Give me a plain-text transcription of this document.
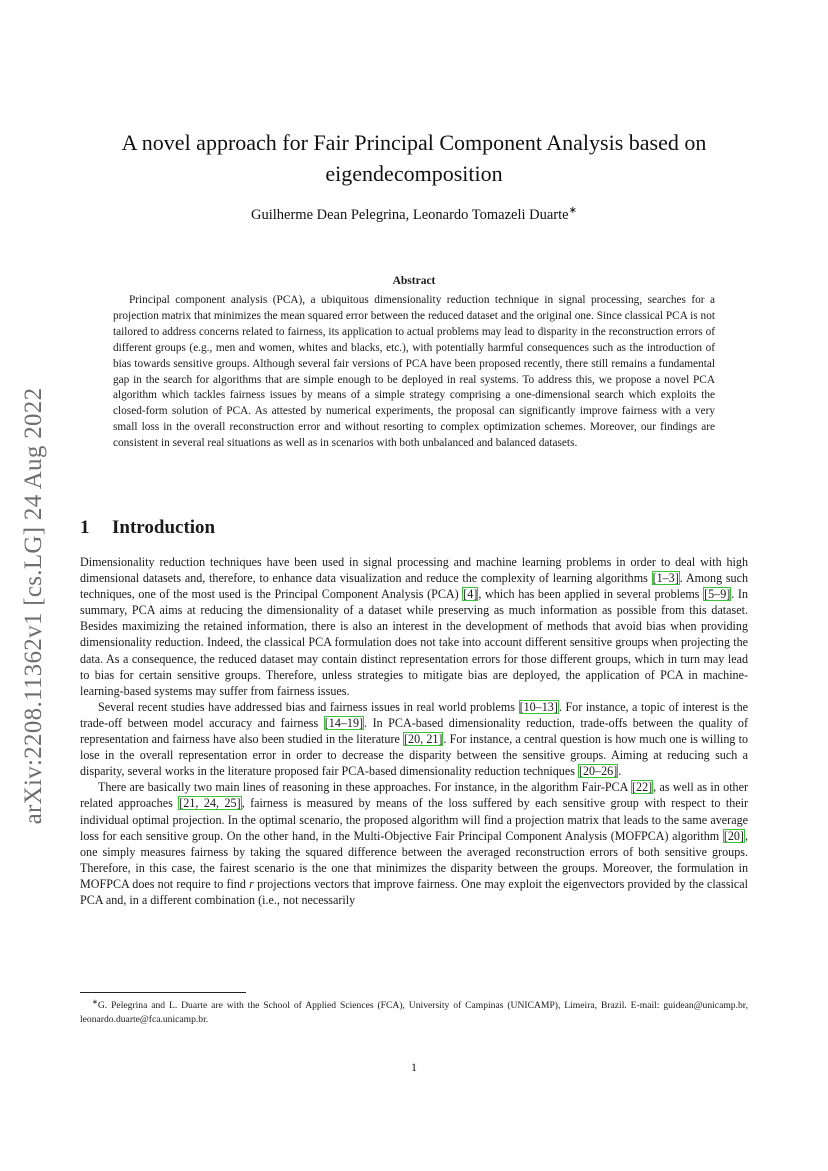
arXiv:2208.11362v1 [cs.LG] 24 Aug 2022
A novel approach for Fair Principal Component Analysis based on eigendecomposition
Guilherme Dean Pelegrina, Leonardo Tomazeli Duarte∗
Abstract

Principal component analysis (PCA), a ubiquitous dimensionality reduction technique in signal processing, searches for a projection matrix that minimizes the mean squared error between the reduced dataset and the original one. Since classical PCA is not tailored to address concerns related to fairness, its application to actual problems may lead to disparity in the reconstruction errors of different groups (e.g., men and women, whites and blacks, etc.), with potentially harmful consequences such as the introduction of bias towards sensitive groups. Although several fair versions of PCA have been proposed recently, there still remains a fundamental gap in the search for algorithms that are simple enough to be deployed in real systems. To address this, we propose a novel PCA algorithm which tackles fairness issues by means of a simple strategy comprising a one-dimensional search which exploits the closed-form solution of PCA. As attested by numerical experiments, the proposal can significantly improve fairness with a very small loss in the overall reconstruction error and without resorting to complex optimization schemes. Moreover, our findings are consistent in several real situations as well as in scenarios with both unbalanced and balanced datasets.

1 Introduction

Dimensionality reduction techniques have been used in signal processing and machine learning problems in order to deal with high dimensional datasets and, therefore, to enhance data visualization and reduce the complexity of learning algorithms [1–3]. Among such techniques, one of the most used is the Principal Component Analysis (PCA) [4], which has been applied in several problems [5–9]. In summary, PCA aims at reducing the dimensionality of a dataset while preserving as much information as possible from this dataset. Besides maximizing the retained information, there is also an interest in the development of methods that avoid bias when providing dimensionality reduction. Indeed, the classical PCA formulation does not take into account different sensitive groups when projecting the data. As a consequence, the reduced dataset may contain distinct representation errors for those different groups, which in turn may lead to bias for certain sensitive groups. Therefore, unless strategies to mitigate bias are deployed, the application of PCA in machine-learning-based systems may suffer from fairness issues.

Several recent studies have addressed bias and fairness issues in real world problems [10–13]. For instance, a topic of interest is the trade-off between model accuracy and fairness [14–19]. In PCA-based dimensionality reduction, trade-offs between the quality of representation and fairness have also been studied in the literature [20, 21]. For instance, a central question is how much one is willing to lose in the overall representation error in order to decrease the disparity between the sensitive groups. Aiming at reducing such a disparity, several works in the literature proposed fair PCA-based dimensionality reduction techniques [20–26].

There are basically two main lines of reasoning in these approaches. For instance, in the algorithm Fair-PCA [22], as well as in other related approaches [21, 24, 25], fairness is measured by means of the loss suffered by each sensitive group with respect to their individual optimal projection. In the optimal scenario, the proposed algorithm will find a projection matrix that leads to the same average loss for each sensitive group. On the other hand, in the Multi-Objective Fair Principal Component Analysis (MOFPCA) algorithm [20], one simply measures fairness by taking the squared difference between the averaged reconstruction errors of both sensitive groups. Therefore, in this case, the fairest scenario is the one that minimizes the disparity between the groups. Moreover, the formulation in MOFPCA does not require to find r projections vectors that improve fairness. One may exploit the eigenvectors provided by the classical PCA and, in a different combination (i.e., not necessarily

∗G. Pelegrina and L. Duarte are with the School of Applied Sciences (FCA), University of Campinas (UNICAMP), Limeira, Brazil. E-mail: guidean@unicamp.br, leonardo.duarte@fca.unicamp.br.

1
